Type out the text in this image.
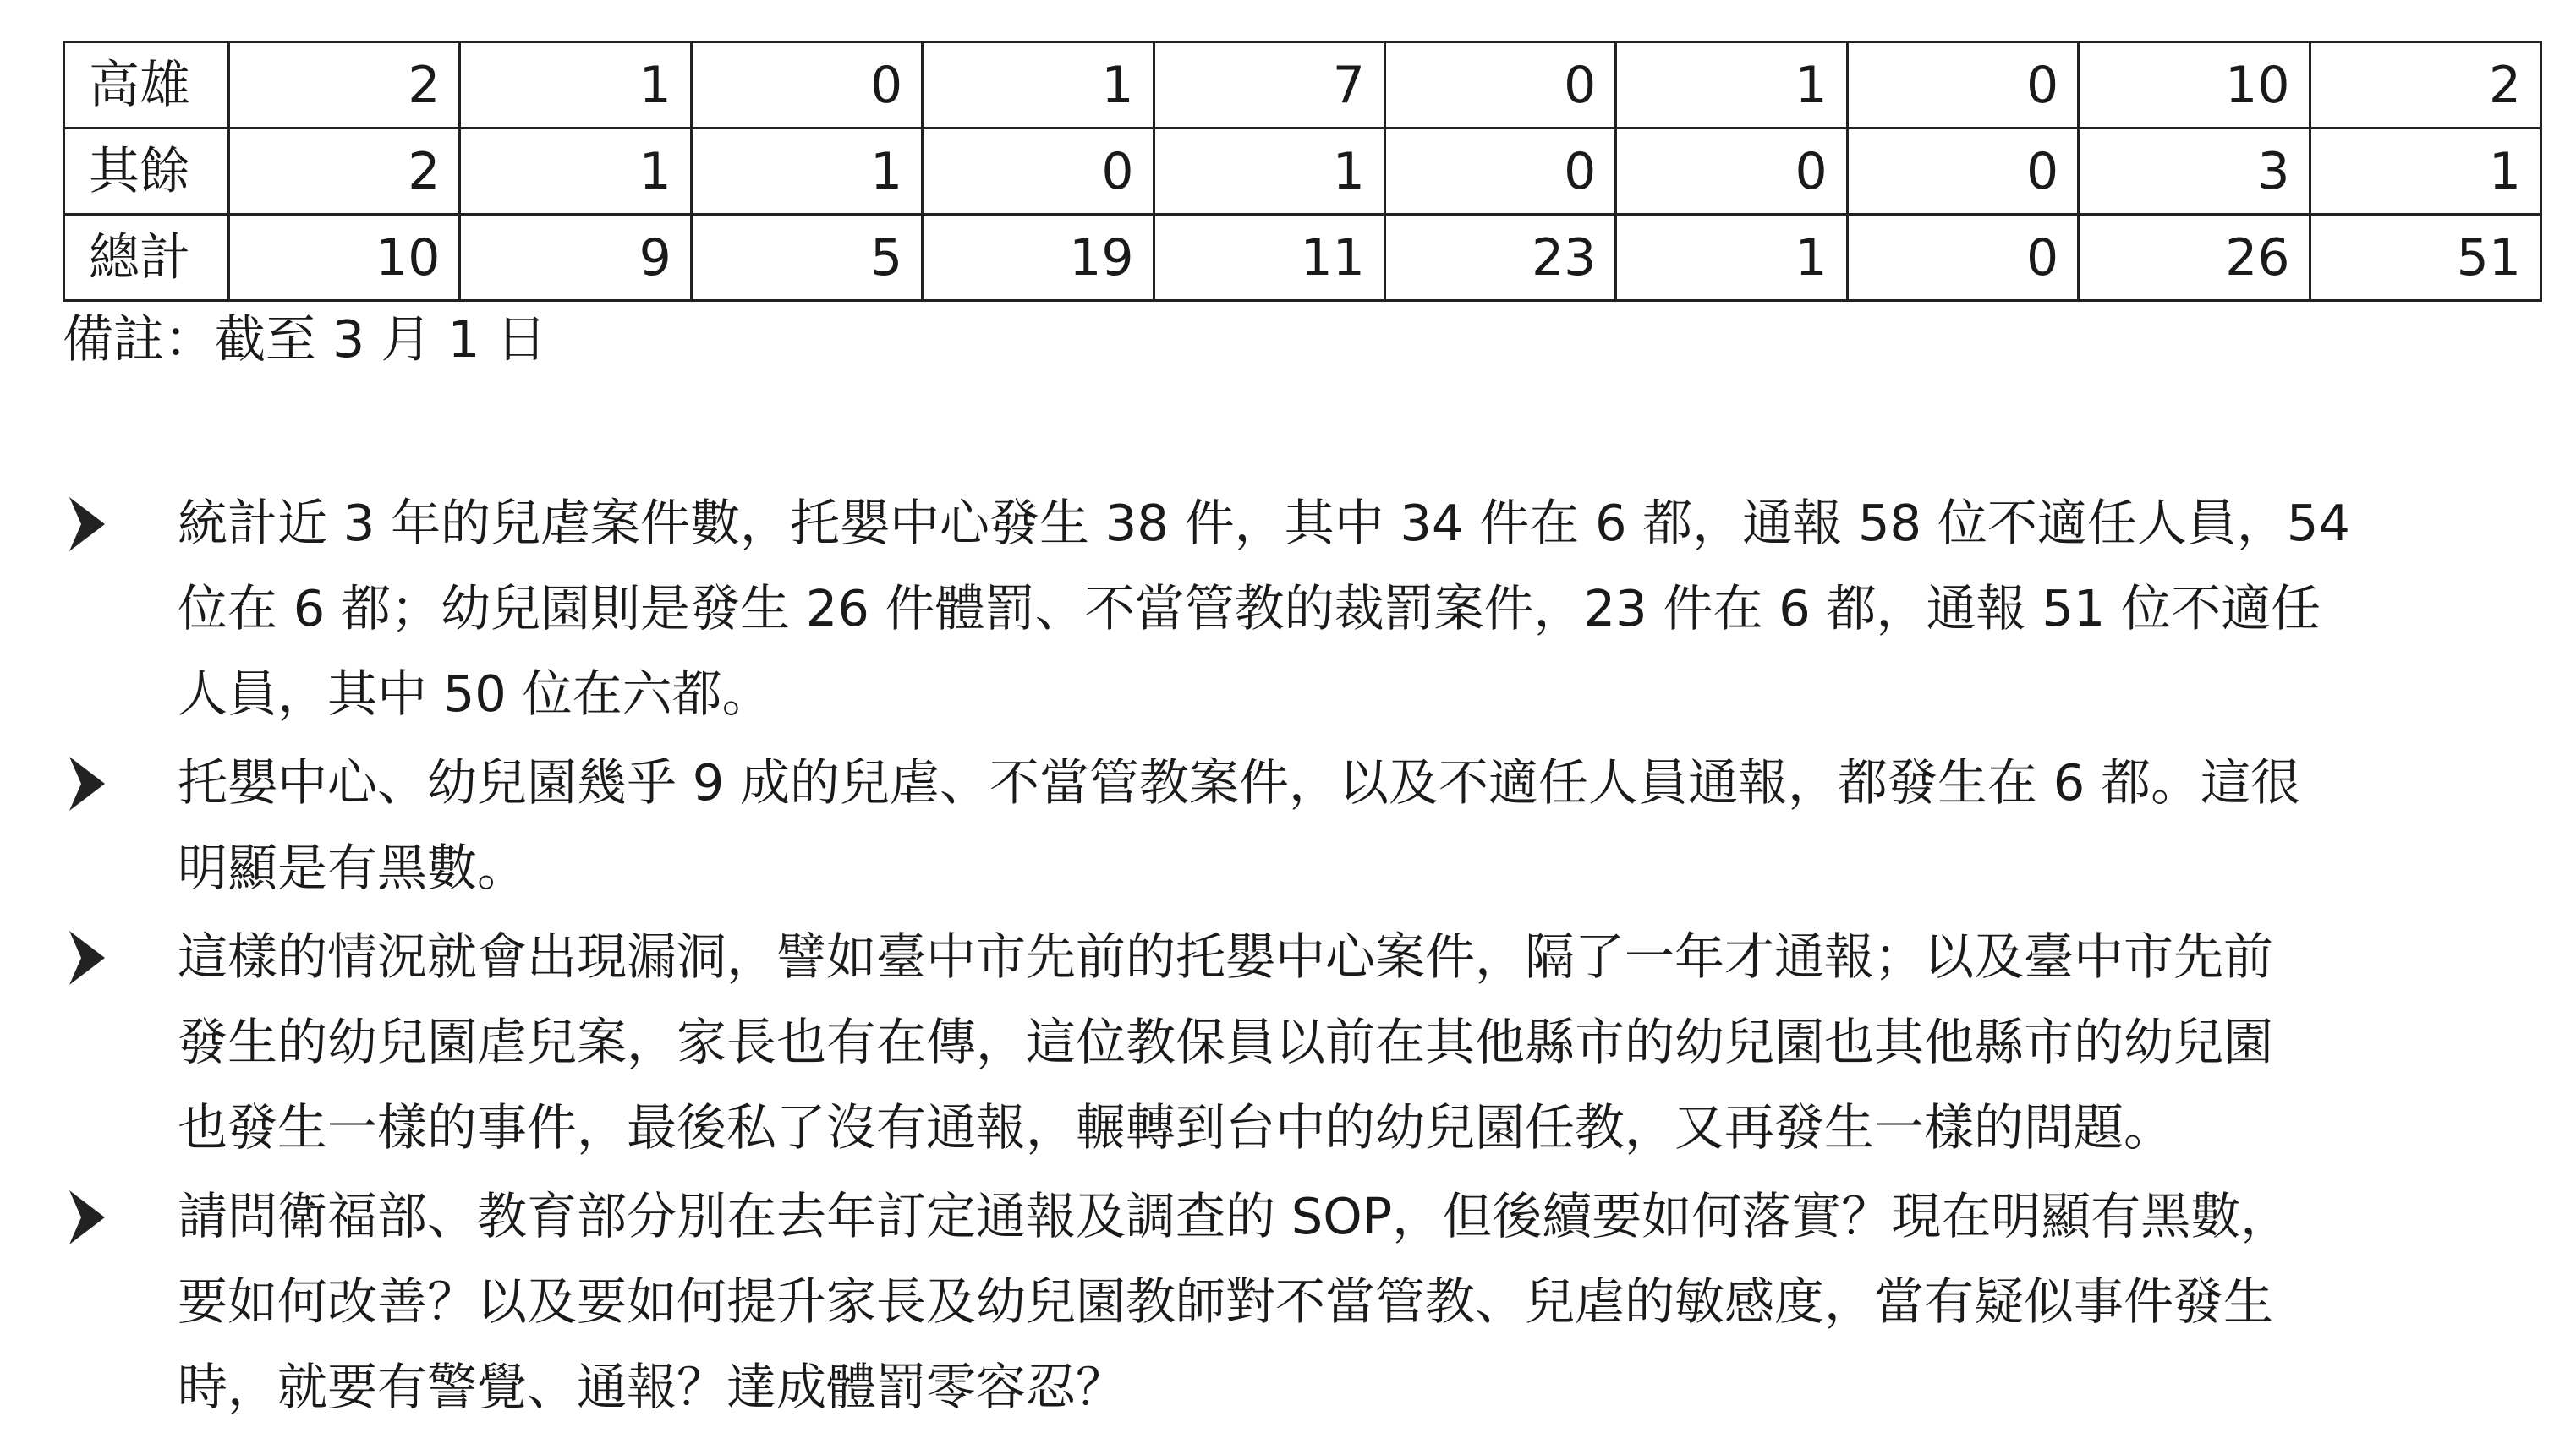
高雄	2	1	0	1	7	0	1	0	10	2
其餘	2	1	1	0	1	0	0	0	3	1
總計	10	9	5	19	11	23	1	0	26	51
備註：截至 3 月 1 日
統計近 3 年的兒虐案件數，托嬰中心發生 38 件，其中 34 件在 6 都，通報 58 位不適任人員，54
位在 6 都；幼兒園則是發生 26 件體罰、不當管教的裁罰案件，23 件在 6 都，通報 51 位不適任
人員，其中 50 位在六都。
托嬰中心、幼兒園幾乎 9 成的兒虐、不當管教案件，以及不適任人員通報，都發生在 6 都。這很
明顯是有黑數。
這樣的情況就會出現漏洞，譬如臺中市先前的托嬰中心案件，隔了一年才通報；以及臺中市先前
發生的幼兒園虐兒案，家長也有在傳，這位教保員以前在其他縣市的幼兒園也其他縣市的幼兒園
也發生一樣的事件，最後私了沒有通報，輾轉到台中的幼兒園任教，又再發生一樣的問題。
請問衛福部、教育部分別在去年訂定通報及調查的 SOP，但後續要如何落實？現在明顯有黑數，
要如何改善？以及要如何提升家長及幼兒園教師對不當管教、兒虐的敏感度，當有疑似事件發生
時，就要有警覺、通報？達成體罰零容忍？
